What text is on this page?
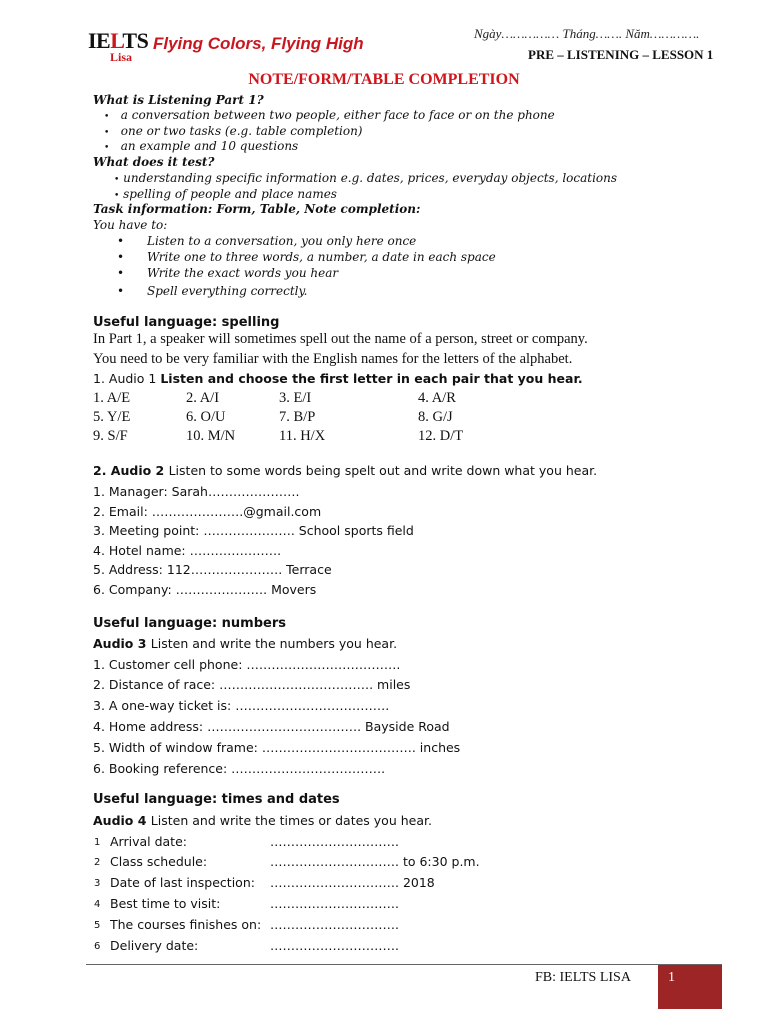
IELTS
Lisa
Flying Colors, Flying High
Ngày…………… Tháng……. Năm………….
PRE – LISTENING – LESSON 1
NOTE/FORM/TABLE COMPLETION
What is Listening Part 1?
• a conversation between two people, either face to face or on the phone
• one or two tasks (e.g. table completion)
• an example and 10 questions
What does it test?
• understanding specific information e.g. dates, prices, everyday objects, locations
• spelling of people and place names
Task information: Form, Table, Note completion:
You have to:
•      Listen to a conversation, you only here once
•      Write one to three words, a number, a date in each space
•      Write the exact words you hear
•      Spell everything correctly.
Useful language: spelling
In Part 1, a speaker will sometimes spell out the name of a person, street or company.
You need to be very familiar with the English names for the letters of the alphabet.
1. Audio 1 Listen and choose the first letter in each pair that you hear.
1. A/E	2. A/I	3. E/I	4. A/R
5. Y/E	6. O/U	7. B/P	8. G/J
9. S/F	10. M/N	11. H/X	12. D/T
2. Audio 2 Listen to some words being spelt out and write down what you hear.
1. Manager: Sarah………………….
2. Email: ………………….@gmail.com
3. Meeting point: …………………. School sports field
4. Hotel name: ………………….
5. Address: 112…………………. Terrace
6. Company: …………………. Movers
Useful language: numbers
Audio 3 Listen and write the numbers you hear.
1. Customer cell phone: ……………………………….
2. Distance of race: ………………………………. miles
3. A one-way ticket is: ……………………………….
4. Home address: ………………………………. Bayside Road
5. Width of window frame: ………………………………. inches
6. Booking reference: ……………………………….
Useful language: times and dates
Audio 4 Listen and write the times or dates you hear.
1 Arrival date:	………………………….
2 Class schedule:	…………………………. to 6:30 p.m.
3 Date of last inspection: …………………………. 2018
4 Best time to visit:	………………………….
5 The courses finishes on: ………………………….
6 Delivery date:	………………………….
FB: IELTS LISA	1
